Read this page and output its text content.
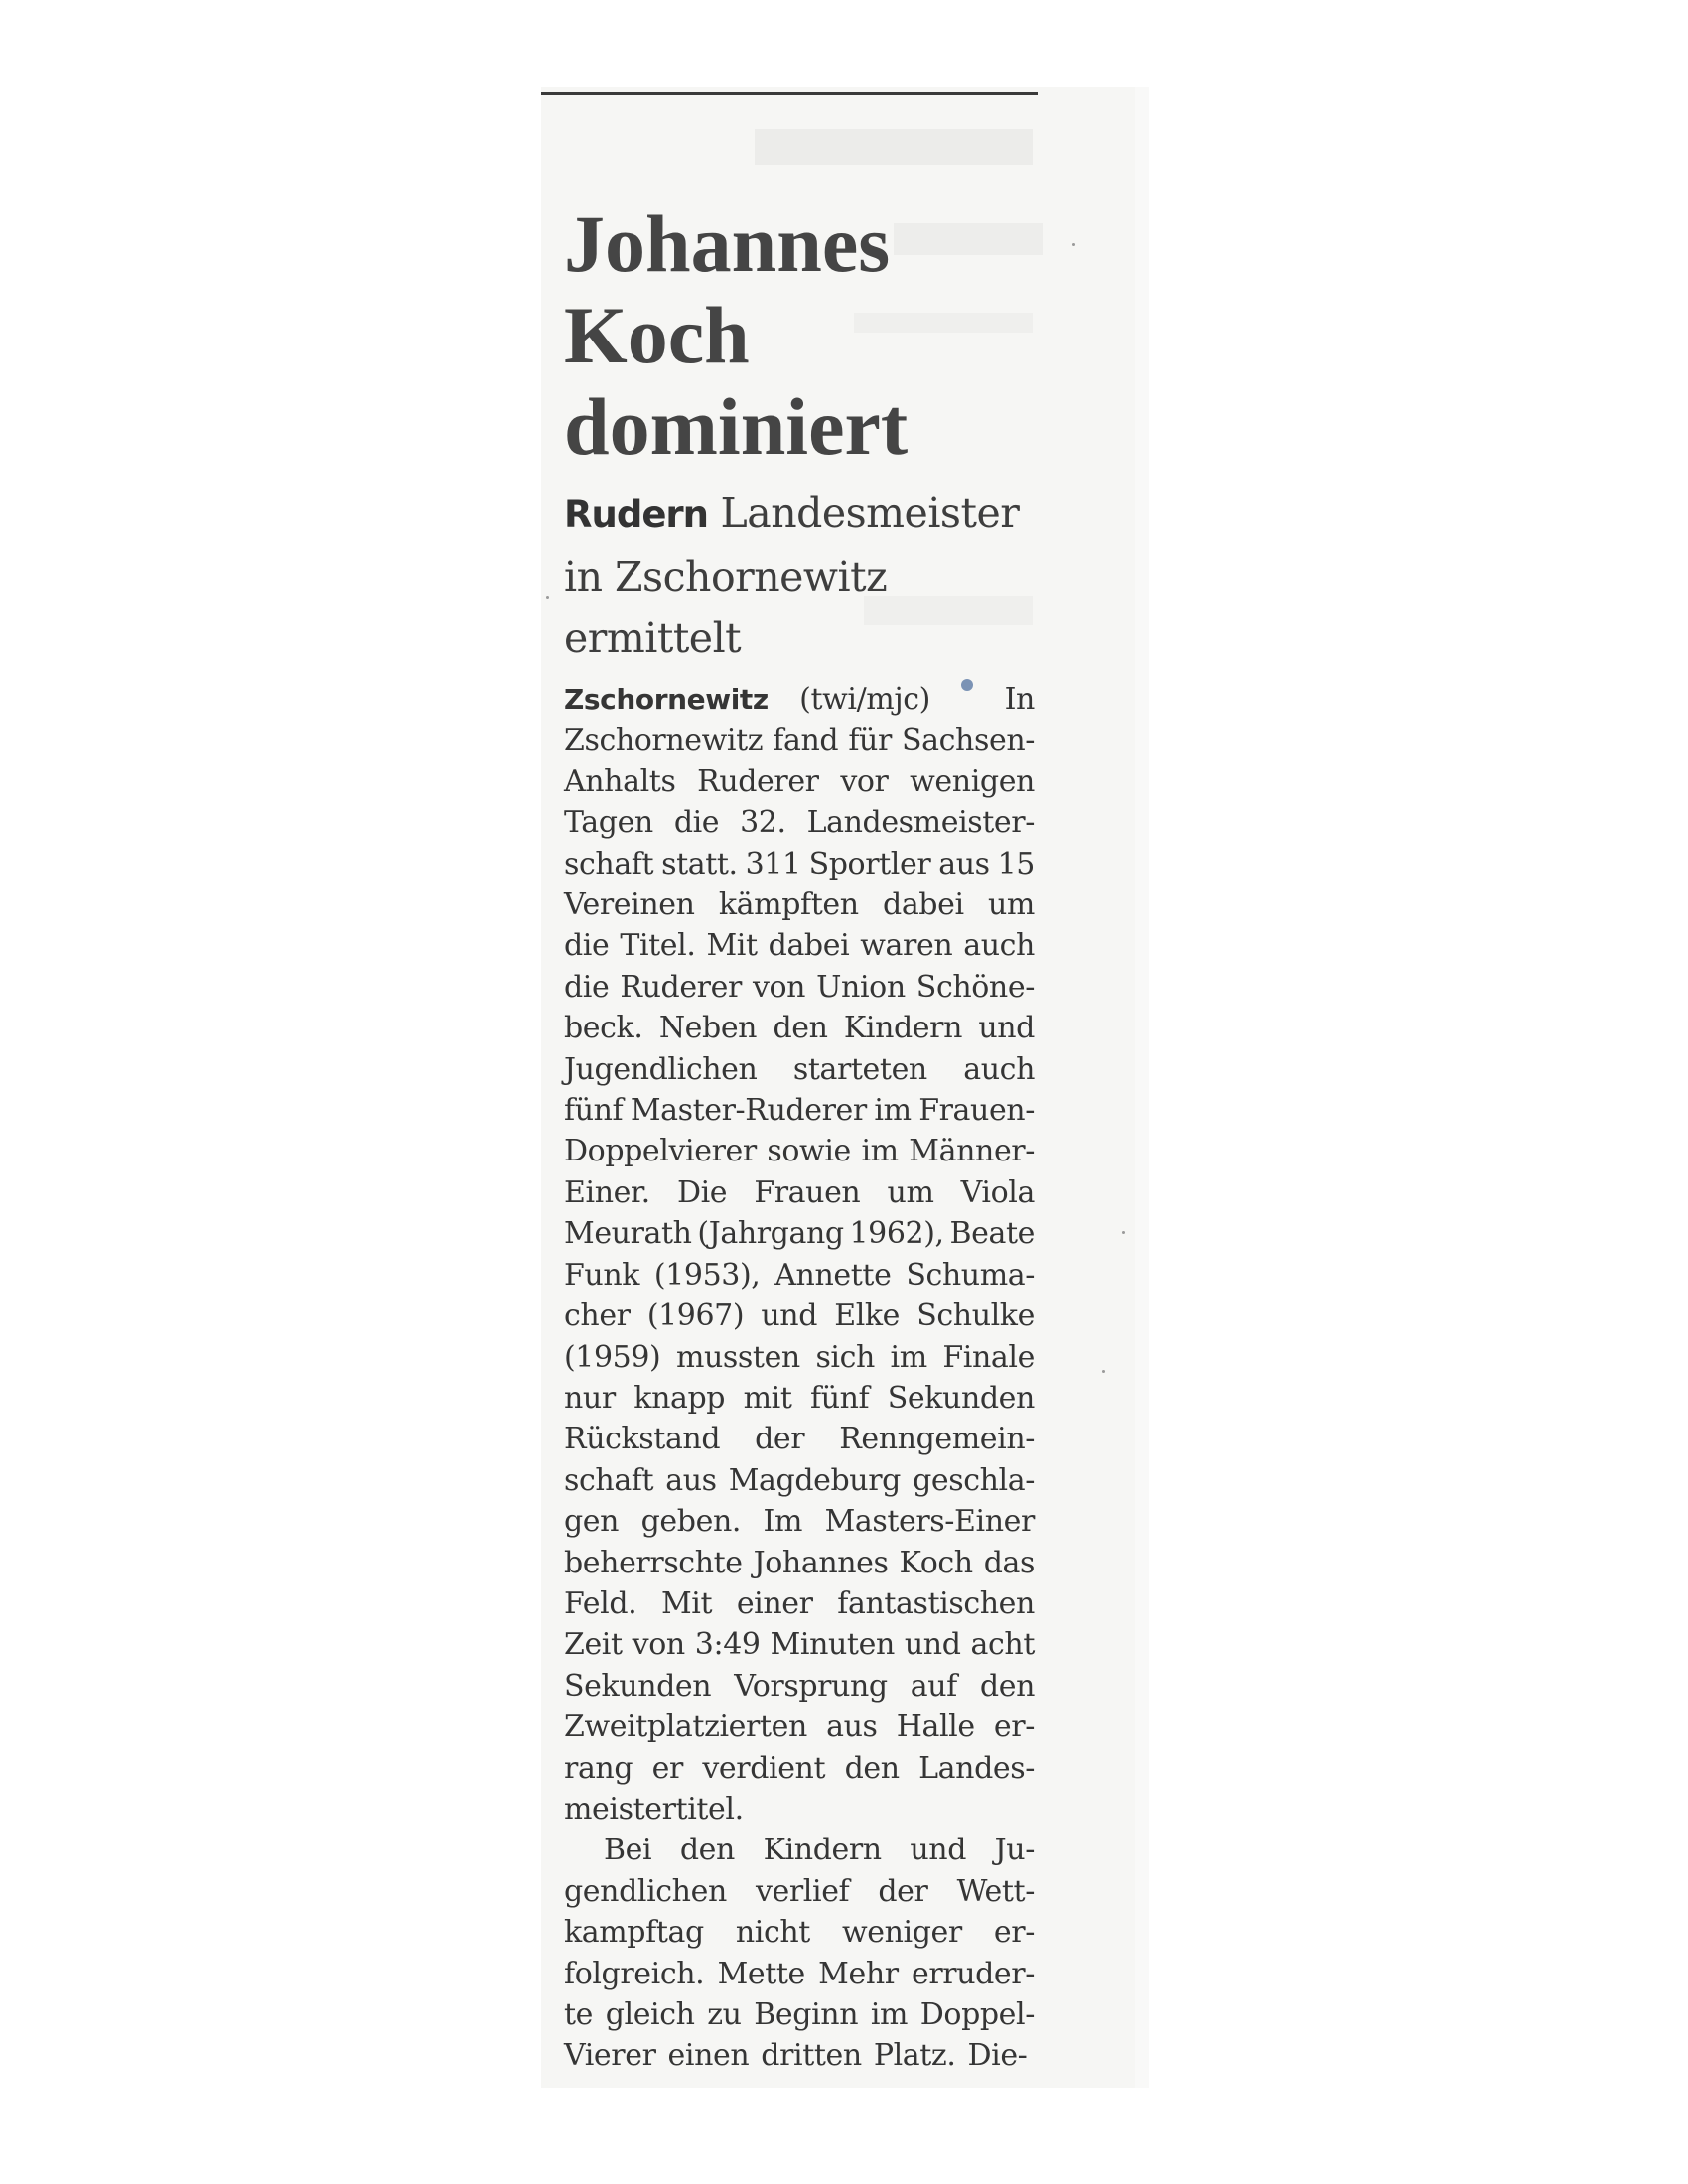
Johannes
Koch
dominiert
Rudern Landesmeister
in Zschornewitz
ermittelt
Zschornewitz (twi/mjc) In
Zschornewitz fand für Sachsen-
Anhalts Ruderer vor wenigen
Tagen die 32. Landesmeister-
schaft statt. 311 Sportler aus 15
Vereinen kämpften dabei um
die Titel. Mit dabei waren auch
die Ruderer von Union Schöne-
beck. Neben den Kindern und
Jugendlichen starteten auch
fünf Master-Ruderer im Frauen-
Doppelvierer sowie im Männer-
Einer. Die Frauen um Viola
Meurath (Jahrgang 1962), Beate
Funk (1953), Annette Schuma-
cher (1967) und Elke Schulke
(1959) mussten sich im Finale
nur knapp mit fünf Sekunden
Rückstand der Renngemein-
schaft aus Magdeburg geschla-
gen geben. Im Masters-Einer
beherrschte Johannes Koch das
Feld. Mit einer fantastischen
Zeit von 3:49 Minuten und acht
Sekunden Vorsprung auf den
Zweitplatzierten aus Halle er-
rang er verdient den Landes-
meistertitel.
Bei den Kindern und Ju-
gendlichen verlief der Wett-
kampftag nicht weniger er-
folgreich. Mette Mehr erruder-
te gleich zu Beginn im Doppel-
Vierer einen dritten Platz. Die-
